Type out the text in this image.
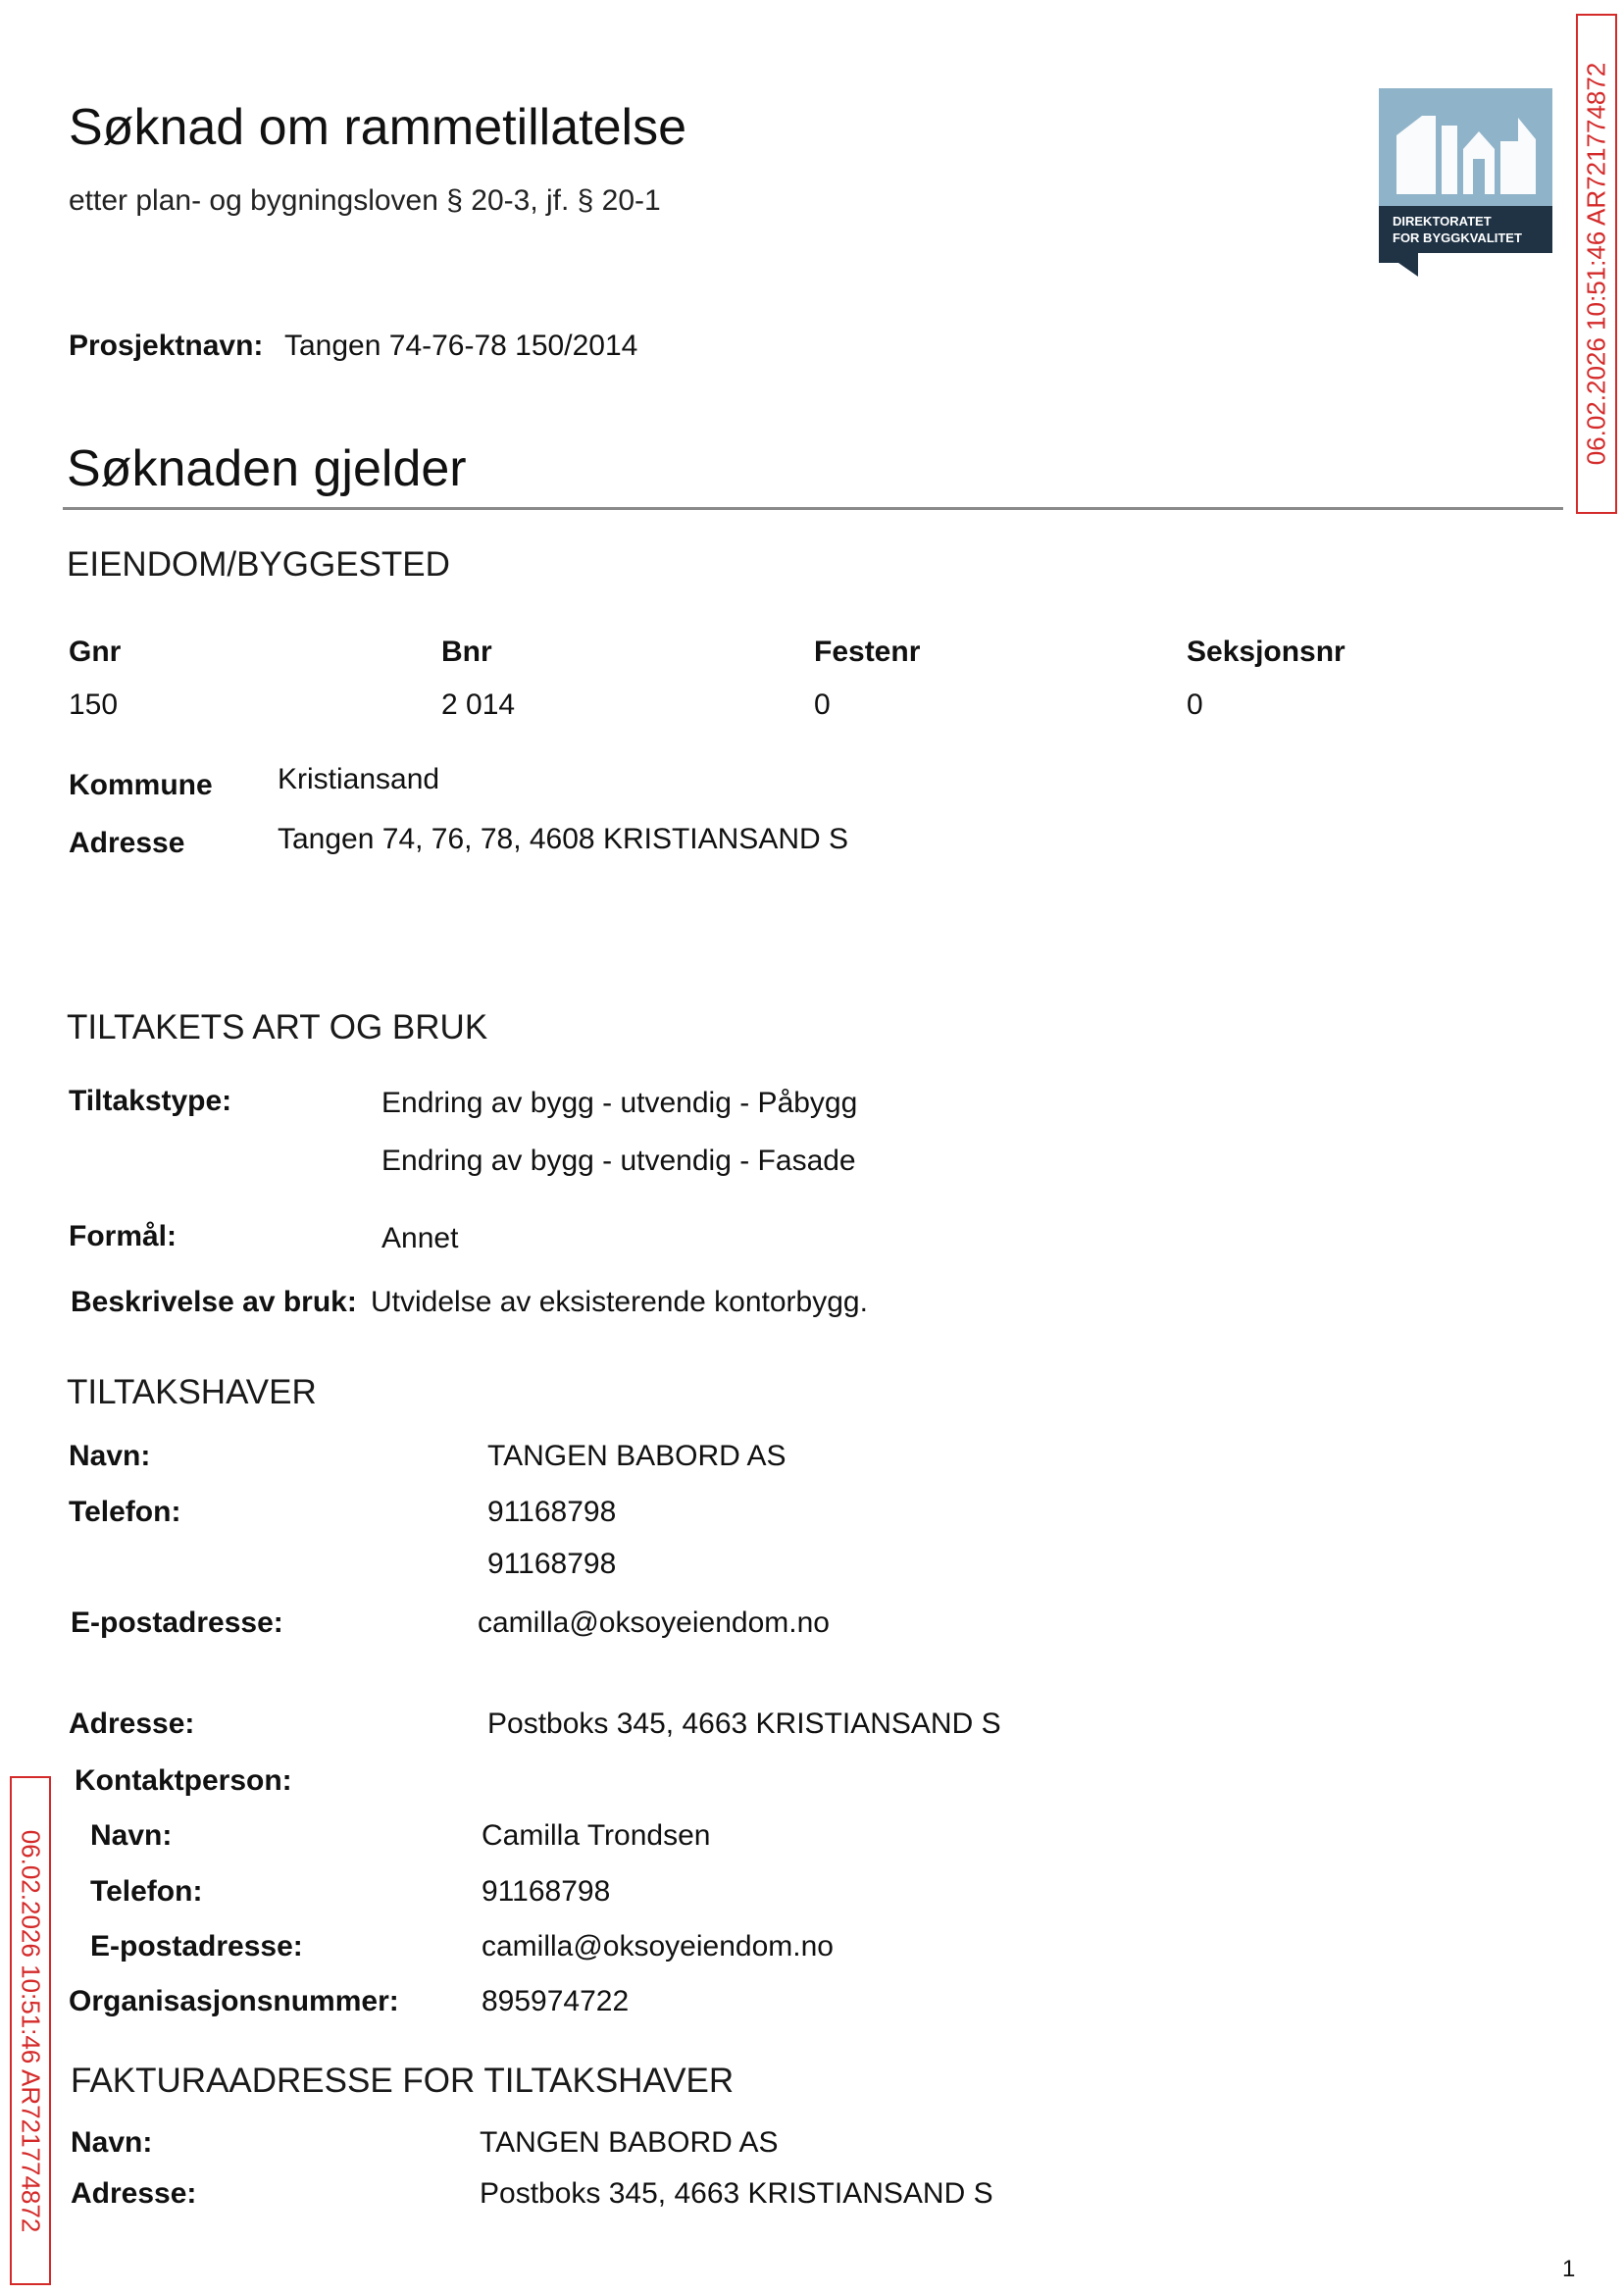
Søknad om rammetillatelse
etter plan- og bygningsloven § 20-3, jf. § 20-1
DIREKTORATET
FOR BYGGKVALITET 06.02.2026 10:51:46 AR721774872
06.02.2026 10:51:46 AR721774872
Prosjektnavn: Tangen 74-76-78 150/2014
Søknaden gjelder
EIENDOM/BYGGESTED
Gnr	Bnr	Festenr	Seksjonsnr
150	2 014	0	0
Kommune Kristiansand
Adresse	Tangen 74, 76, 78, 4608 KRISTIANSAND S
TILTAKETS ART OG BRUK
Tiltakstype:	Endring av bygg - utvendig - Påbygg
Endring av bygg - utvendig - Fasade
Formål:	Annet
Beskrivelse av bruk: Utvidelse av eksisterende kontorbygg.
TILTAKSHAVER
Navn:	TANGEN BABORD AS
Telefon:	91168798
91168798
E-postadresse:	camilla@oksoyeiendom.no
Adresse:	Postboks 345, 4663 KRISTIANSAND S
Kontaktperson:
Navn:	Camilla Trondsen
Telefon:	91168798
E-postadresse:	camilla@oksoyeiendom.no
Organisasjonsnummer:	895974722
FAKTURAADRESSE FOR TILTAKSHAVER
Navn:	TANGEN BABORD AS
Adresse:	Postboks 345, 4663 KRISTIANSAND S
1
